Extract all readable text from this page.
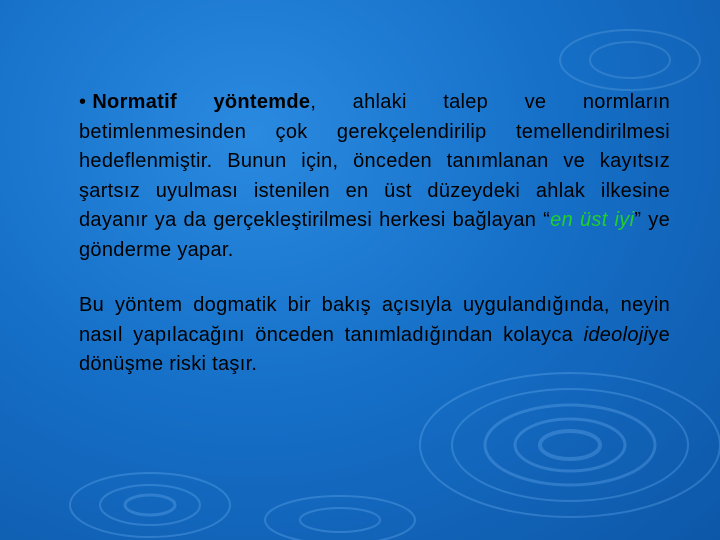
• Normatif yöntemde, ahlaki talep ve normların betimlenmesinden çok gerekçelendirilip temellendirilmesi hedeflenmiştir. Bunun için, önceden tanımlanan ve kayıtsız şartsız uyulması istenilen en üst düzeydeki ahlak ilkesine dayanır ya da gerçekleştirilmesi herkesi bağlayan “en üst iyi” ye gönderme yapar.

Bu yöntem dogmatik bir bakış açısıyla uygulandığında, neyin nasıl yapılacağını önceden tanımladığından kolayca ideolojiye dönüşme riski taşır.
